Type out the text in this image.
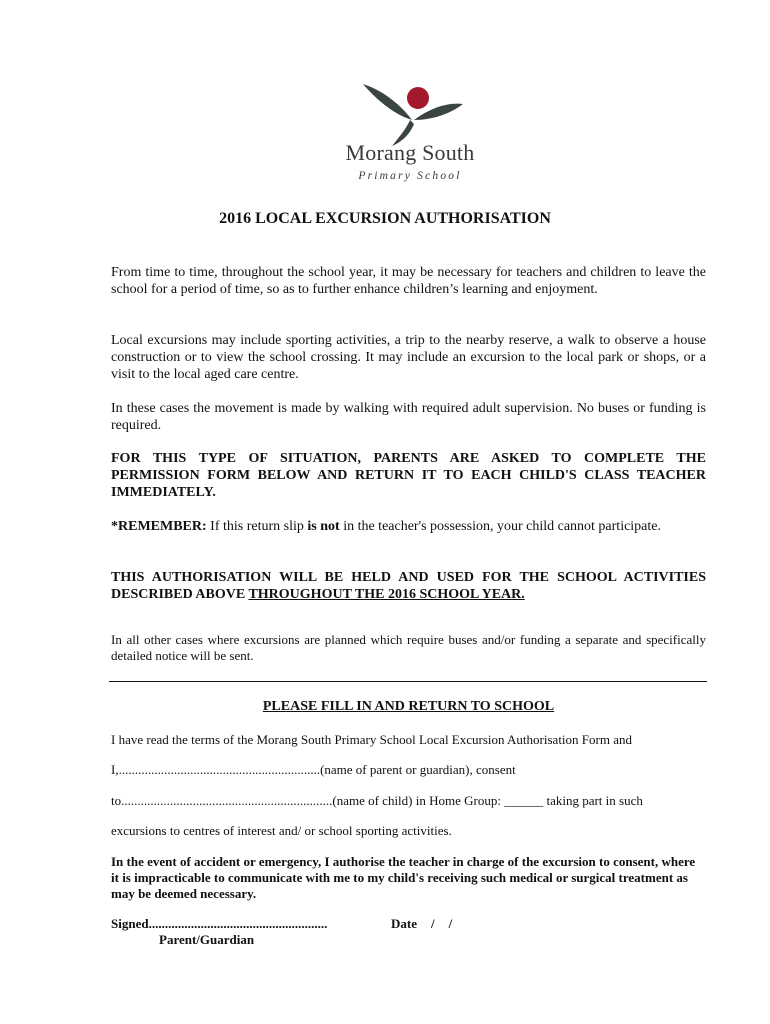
Morang South
Primary School
2016 LOCAL EXCURSION AUTHORISATION
From time to time, throughout the school year, it may be necessary for teachers and children to leave the school for a period of time, so as to further enhance children’s learning and enjoyment.
Local excursions may include sporting activities, a trip to the nearby reserve, a walk to observe a house construction or to view the school crossing. It may include an excursion to the local park or shops, or a visit to the local aged care centre.
In these cases the movement is made by walking with required adult supervision. No buses or funding is required.
FOR THIS TYPE OF SITUATION, PARENTS ARE ASKED TO COMPLETE THE PERMISSION FORM BELOW AND RETURN IT TO EACH CHILD'S CLASS TEACHER IMMEDIATELY.
*REMEMBER: If this return slip is not in the teacher's possession, your child cannot participate.
THIS AUTHORISATION WILL BE HELD AND USED FOR THE SCHOOL ACTIVITIES DESCRIBED ABOVE THROUGHOUT THE 2016 SCHOOL YEAR.
In all other cases where excursions are planned which require buses and/or funding a separate and specifically detailed notice will be sent.
PLEASE FILL IN AND RETURN TO SCHOOL
I have read the terms of the Morang South Primary School Local Excursion Authorisation Form and
I,..............................................................(name of parent or guardian), consent
to.................................................................(name of child) in Home Group: ______ taking part in such
excursions to centres of interest and/ or school sporting activities.
In the event of accident or emergency, I authorise the teacher in charge of the excursion to consent, where it is impracticable to communicate with me to my child's receiving such medical or surgical treatment as may be deemed necessary.
Signed.......................................................	Date / /
Parent/Guardian
